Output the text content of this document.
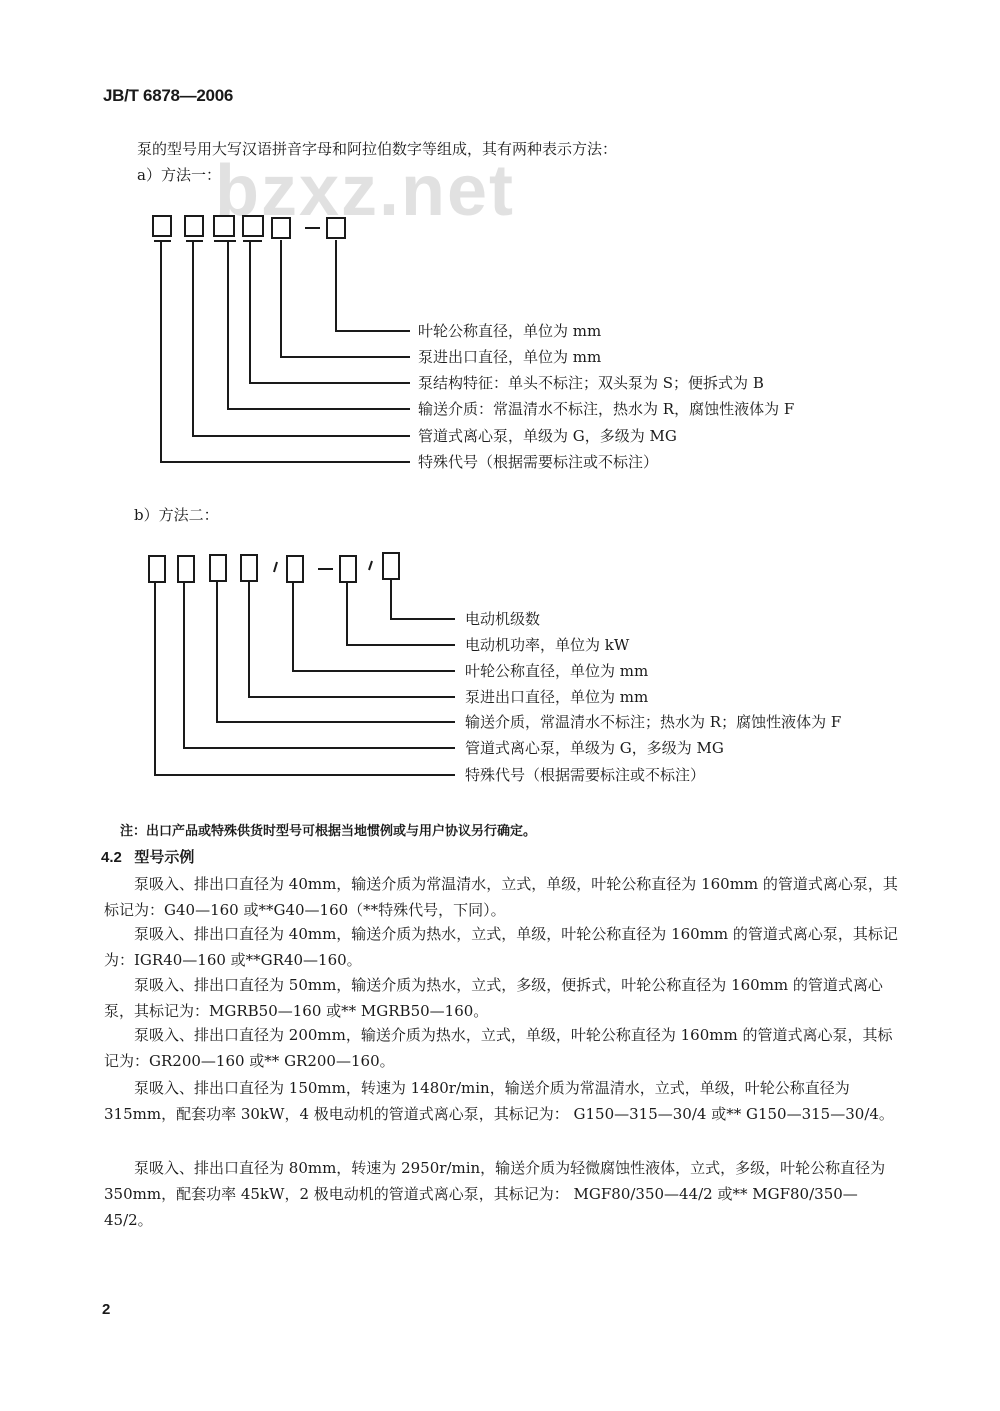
bzxz.net
JB/T 6878—2006
泵的型号用大写汉语拼音字母和阿拉伯数字等组成，其有两种表示方法：
a）方法一：
叶轮公称直径，单位为 mm
泵进出口直径，单位为 mm
泵结构特征：单头不标注；双头泵为 S；便拆式为 B
输送介质：常温清水不标注，热水为 R，腐蚀性液体为 F
管道式离心泵，单级为 G，多级为 MG
特殊代号（根据需要标注或不标注）
b）方法二：
电动机级数
电动机功率，单位为 kW
叶轮公称直径，单位为 mm
泵进出口直径，单位为 mm
输送介质，常温清水不标注；热水为 R；腐蚀性液体为 F
管道式离心泵，单级为 G，多级为 MG
特殊代号（根据需要标注或不标注）
注：出口产品或特殊供货时型号可根据当地惯例或与用户协议另行确定。
4.2 型号示例
泵吸入、排出口直径为 40mm，输送介质为常温清水，立式，单级，叶轮公称直径为 160mm 的管道式离心泵，其标记为：G40—160 或**G40—160（**特殊代号，下同）。
泵吸入、排出口直径为 40mm，输送介质为热水，立式，单级，叶轮公称直径为 160mm 的管道式离心泵，其标记为：IGR40—160 或**GR40—160。
泵吸入、排出口直径为 50mm，输送介质为热水，立式，多级，便拆式，叶轮公称直径为 160mm 的管道式离心泵，其标记为：MGRB50—160 或** MGRB50—160。
泵吸入、排出口直径为 200mm，输送介质为热水，立式，单级，叶轮公称直径为 160mm 的管道式离心泵，其标记为：GR200—160 或** GR200—160。
泵吸入、排出口直径为 150mm，转速为 1480r/min，输送介质为常温清水，立式，单级，叶轮公称直径为 315mm，配套功率 30kW，4 极电动机的管道式离心泵，其标记为： G150—315—30/4 或** G150—315—30/4。
泵吸入、排出口直径为 80mm，转速为 2950r/min，输送介质为轻微腐蚀性液体，立式，多级，叶轮公称直径为 350mm，配套功率 45kW，2 极电动机的管道式离心泵，其标记为： MGF80/350—44/2 或** MGF80/350—45/2。
2
